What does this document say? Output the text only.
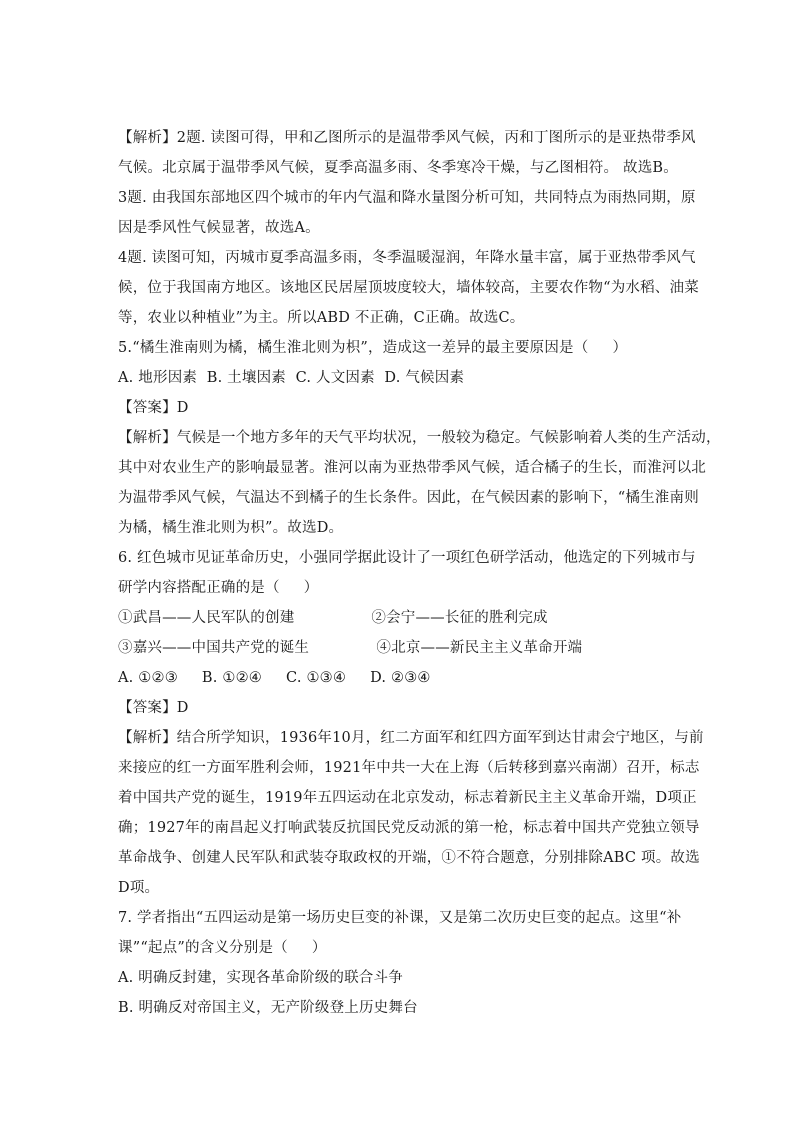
【解析】2题. 读图可得，甲和乙图所示的是温带季风气候，丙和丁图所示的是亚热带季风
气候。北京属于温带季风气候，夏季高温多雨、冬季寒冷干燥，与乙图相符。 故选B。
3题. 由我国东部地区四个城市的年内气温和降水量图分析可知，共同特点为雨热同期，原
因是季风性气候显著，故选A。
4题. 读图可知，丙城市夏季高温多雨，冬季温暖湿润，年降水量丰富，属于亚热带季风气
候，位于我国南方地区。该地区民居屋顶坡度较大，墙体较高，主要农作物“为水稻、油菜
等，农业以种植业”为主。所以ABD 不正确，C正确。故选C。
5.“橘生淮南则为橘，橘生淮北则为枳”，造成这一差异的最主要原因是（     ）
A. 地形因素  B. 土壤因素  C. 人文因素  D. 气候因素
【答案】D
【解析】气候是一个地方多年的天气平均状况，一般较为稳定。气候影响着人类的生产活动，
其中对农业生产的影响最显著。淮河以南为亚热带季风气候，适合橘子的生长，而淮河以北
为温带季风气候，气温达不到橘子的生长条件。因此，在气候因素的影响下，“橘生淮南则
为橘，橘生淮北则为枳”。故选D。
6. 红色城市见证革命历史，小强同学据此设计了一项红色研学活动，他选定的下列城市与
研学内容搭配正确的是（     ）
①武昌——人民军队的创建                ②会宁——长征的胜利完成
③嘉兴——中国共产党的诞生              ④北京——新民主主义革命开端
A. ①②③     B. ①②④     C. ①③④     D. ②③④
【答案】D
【解析】结合所学知识，1936年10月，红二方面军和红四方面军到达甘肃会宁地区，与前
来接应的红一方面军胜利会师，1921年中共一大在上海（后转移到嘉兴南湖）召开，标志
着中国共产党的诞生，1919年五四运动在北京发动，标志着新民主主义革命开端，D项正
确；1927年的南昌起义打响武装反抗国民党反动派的第一枪，标志着中国共产党独立领导
革命战争、创建人民军队和武装夺取政权的开端，①不符合题意，分别排除ABC 项。故选
D项。
7. 学者指出“五四运动是第一场历史巨变的补课，又是第二次历史巨变的起点。这里“补
课”“起点”的含义分别是（     ）
A. 明确反封建，实现各革命阶级的联合斗争
B. 明确反对帝国主义，无产阶级登上历史舞台
